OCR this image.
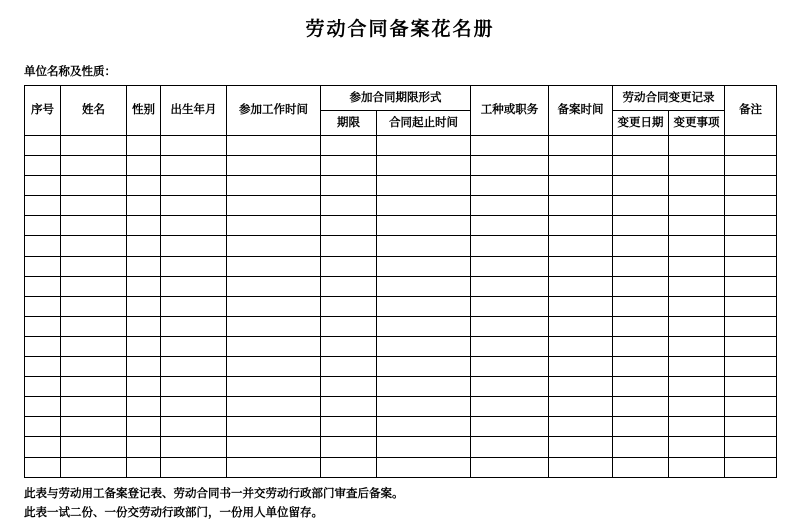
劳动合同备案花名册
单位名称及性质：
序号	姓名	性别	出生年月	参加工作时间	参加合同期限形式		工种或职务	备案时间	劳动合同变更记录		备注
					期限	合同起止时间			变更日期	变更事项	

此表与劳动用工备案登记表、劳动合同书一并交劳动行政部门审查后备案。
此表一试二份、一份交劳动行政部门，一份用人单位留存。
